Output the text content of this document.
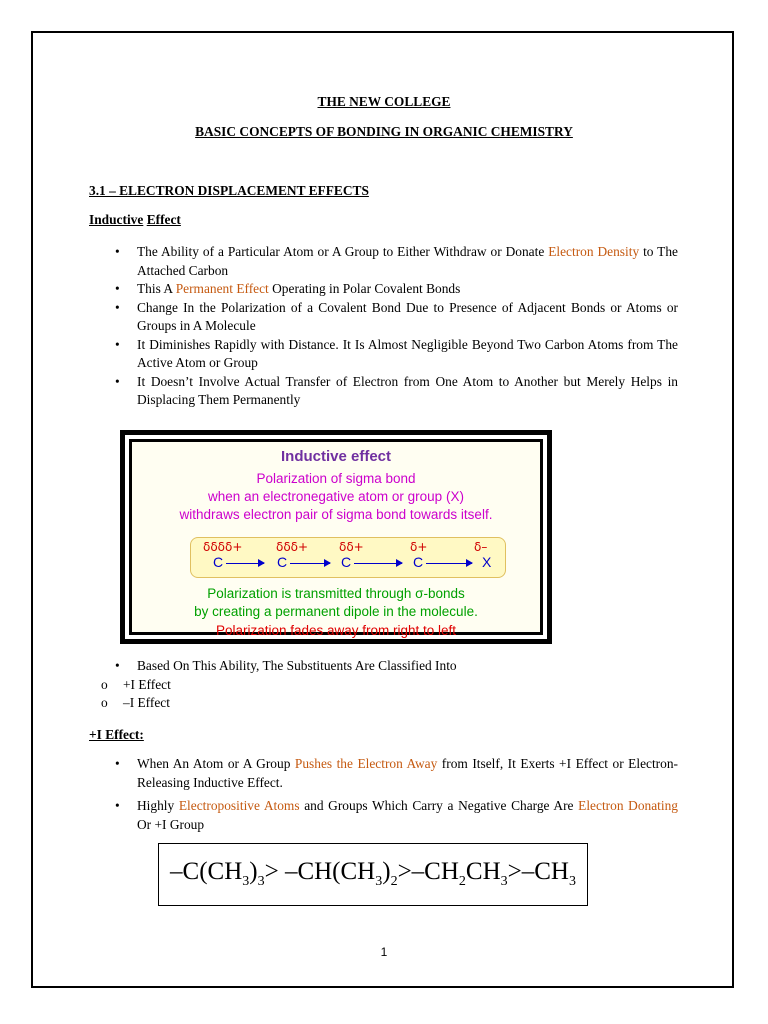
THE NEW COLLEGE
BASIC CONCEPTS OF BONDING IN ORGANIC CHEMISTRY
3.1 – ELECTRON DISPLACEMENT EFFECTS
Inductive Effect

• The Ability of a Particular Atom or A Group to Either Withdraw or Donate Electron Density to The Attached Carbon

• This A Permanent Effect Operating in Polar Covalent Bonds

• Change In the Polarization of a Covalent Bond Due to Presence of Adjacent Bonds or Atoms or Groups in A Molecule

• It Diminishes Rapidly with Distance. It Is Almost Negligible Beyond Two Carbon Atoms from The Active Atom or Group

• It Doesn’t Involve Actual Transfer of Electron from One Atom to Another but Merely Helps in Displacing Them Permanently

Inductive effect
Polarization of sigma bond
when an electronegative atom or group (X)
withdraws electron pair of sigma bond towards itself.
δδδδ+	δδδ+	δδ+	δ+	δ–
C	C	C	C	X
Polarization is transmitted through σ-bonds
by creating a permanent dipole in the molecule.
Polarization fades away from right to left

• Based On This Ability, The Substituents Are Classified Into

o +I Effect

o –I Effect

+I Effect:

• When An Atom or A Group Pushes the Electron Away from Itself, It Exerts +I Effect or Electron-Releasing Inductive Effect.

• Highly Electropositive Atoms and Groups Which Carry a Negative Charge Are Electron Donating Or +I Group

$-C(CH_3)_3> -CH(CH_3)_2>-CH_2CH_3>-CH_3$
1
